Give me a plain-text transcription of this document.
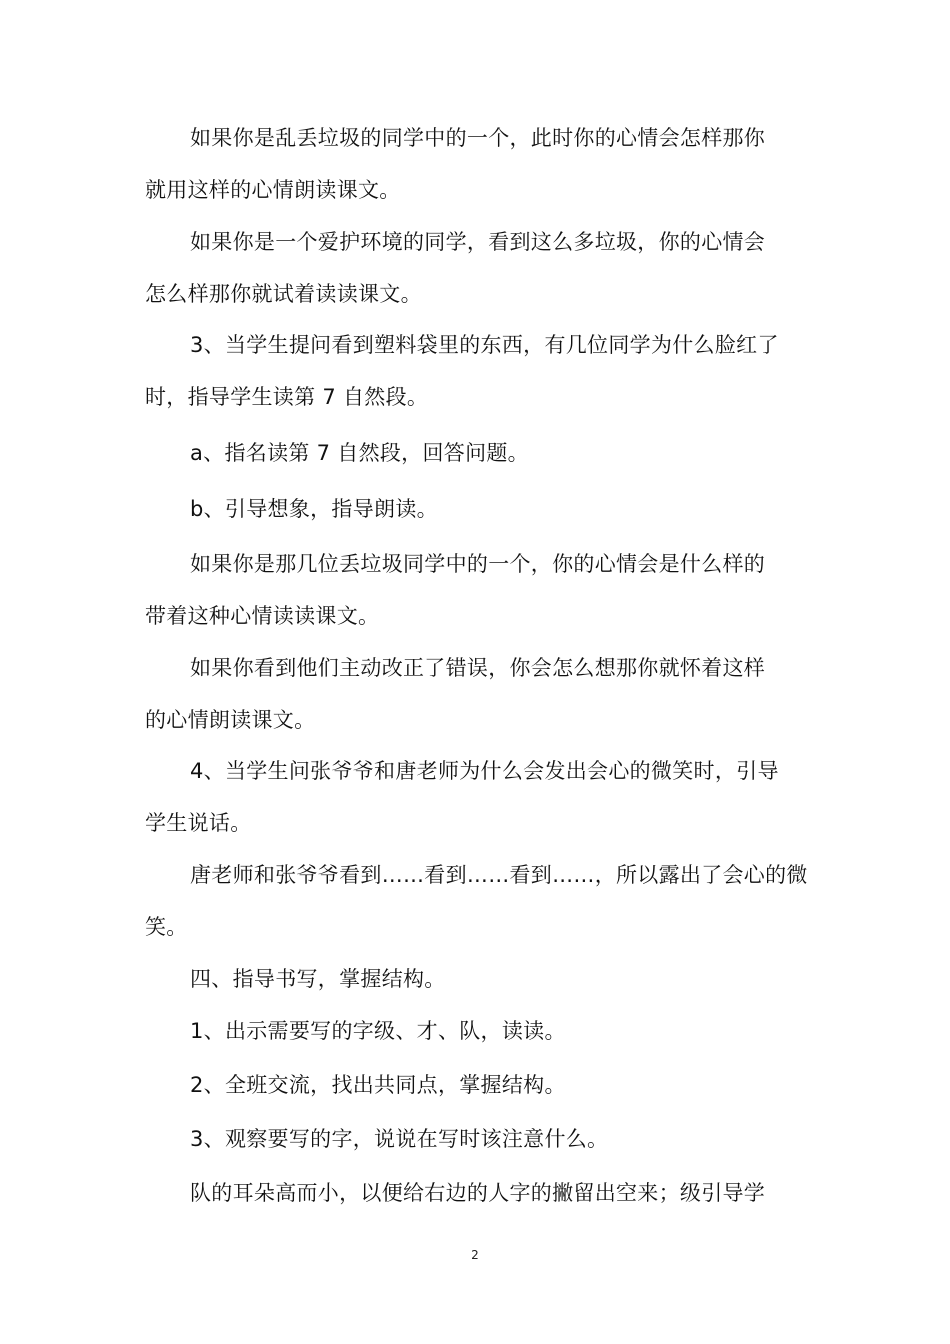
如果你是乱丢垃圾的同学中的一个，此时你的心情会怎样那你
就用这样的心情朗读课文。
如果你是一个爱护环境的同学，看到这么多垃圾，你的心情会
怎么样那你就试着读读课文。
3、当学生提问看到塑料袋里的东西，有几位同学为什么脸红了
时，指导学生读第 7 自然段。
a、指名读第 7 自然段，回答问题。
b、引导想象，指导朗读。
如果你是那几位丢垃圾同学中的一个，你的心情会是什么样的
带着这种心情读读课文。
如果你看到他们主动改正了错误，你会怎么想那你就怀着这样
的心情朗读课文。
4、当学生问张爷爷和唐老师为什么会发出会心的微笑时，引导
学生说话。
唐老师和张爷爷看到……看到……看到……，所以露出了会心的微
笑。
四、指导书写，掌握结构。
1、出示需要写的字级、才、队，读读。
2、全班交流，找出共同点，掌握结构。
3、观察要写的字，说说在写时该注意什么。
队的耳朵高而小，以便给右边的人字的撇留出空来；级引导学
2
